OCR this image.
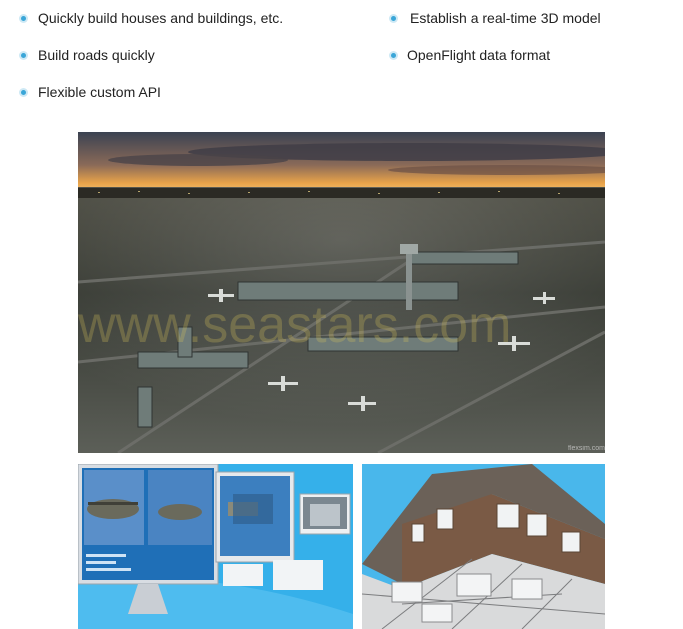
Quickly build houses and buildings, etc.
Build roads quickly
Flexible custom API
Establish a real-time 3D model
OpenFlight data format
www.seastars.com
flexsim.com
